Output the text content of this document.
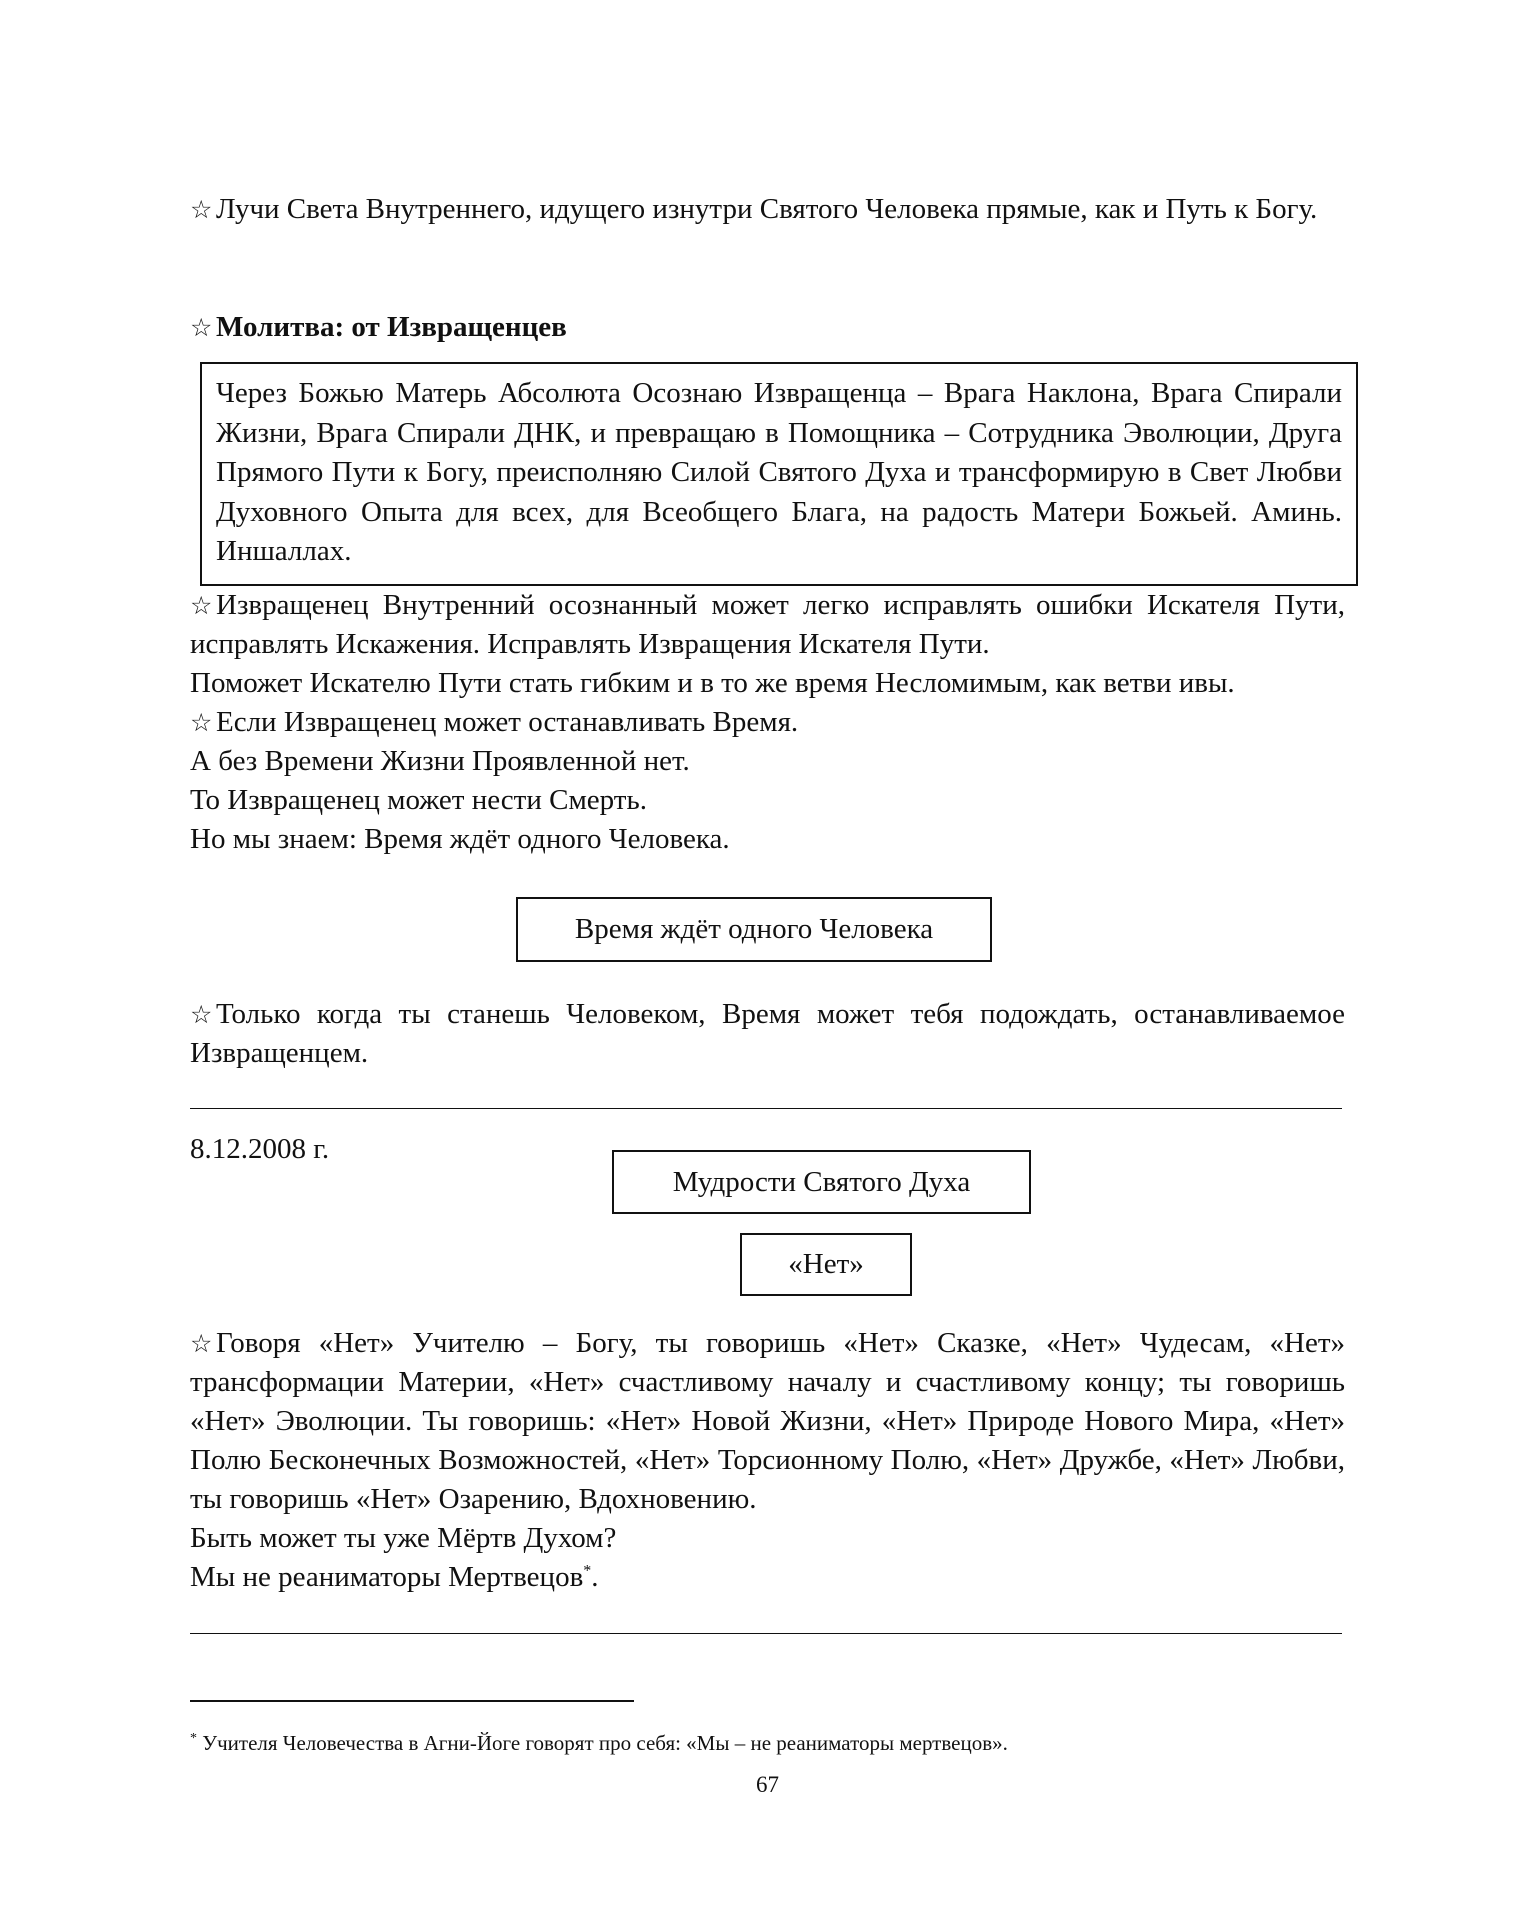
☆ Лучи Света Внутреннего, идущего изнутри Святого Человека прямые, как и Путь к Богу.

☆ Молитва: от Извращенцев

Через Божью Матерь Абсолюта Осознаю Извращенца – Врага Наклона, Врага Спирали Жизни, Врага Спирали ДНК, и превращаю в Помощника – Сотрудника Эволюции, Друга Прямого Пути к Богу, преисполняю Силой Святого Духа и трансформирую в Свет Любви Духовного Опыта для всех, для Всеобщего Блага, на радость Матери Божьей. Аминь. Иншаллах.

☆ Извращенец Внутренний осознанный может легко исправлять ошибки Искателя Пути, исправлять Искажения. Исправлять Извращения Искателя Пути.

Поможет Искателю Пути стать гибким и в то же время Несломимым, как ветви ивы.

☆ Если Извращенец может останавливать Время.

А без Времени Жизни Проявленной нет.

То Извращенец может нести Смерть.

Но мы знаем: Время ждёт одного Человека.

Время ждёт одного Человека

☆ Только когда ты станешь Человеком, Время может тебя подождать, останавливаемое Извращенцем.

8.12.2008 г.
Мудрости Святого Духа
«Нет»

☆ Говоря «Нет» Учителю – Богу, ты говоришь «Нет» Сказке, «Нет» Чудесам, «Нет» трансформации Материи, «Нет» счастливому началу и счастливому концу; ты говоришь «Нет» Эволюции. Ты говоришь: «Нет» Новой Жизни, «Нет» Природе Нового Мира, «Нет» Полю Бесконечных Возможностей, «Нет» Торсионному Полю, «Нет» Дружбе, «Нет» Любви, ты говоришь «Нет» Озарению, Вдохновению.

Быть может ты уже Мёртв Духом?

Мы не реаниматоры Мертвецов*.

* Учителя Человечества в Агни-Йоге говорят про себя: «Мы – не реаниматоры мертвецов».
67
